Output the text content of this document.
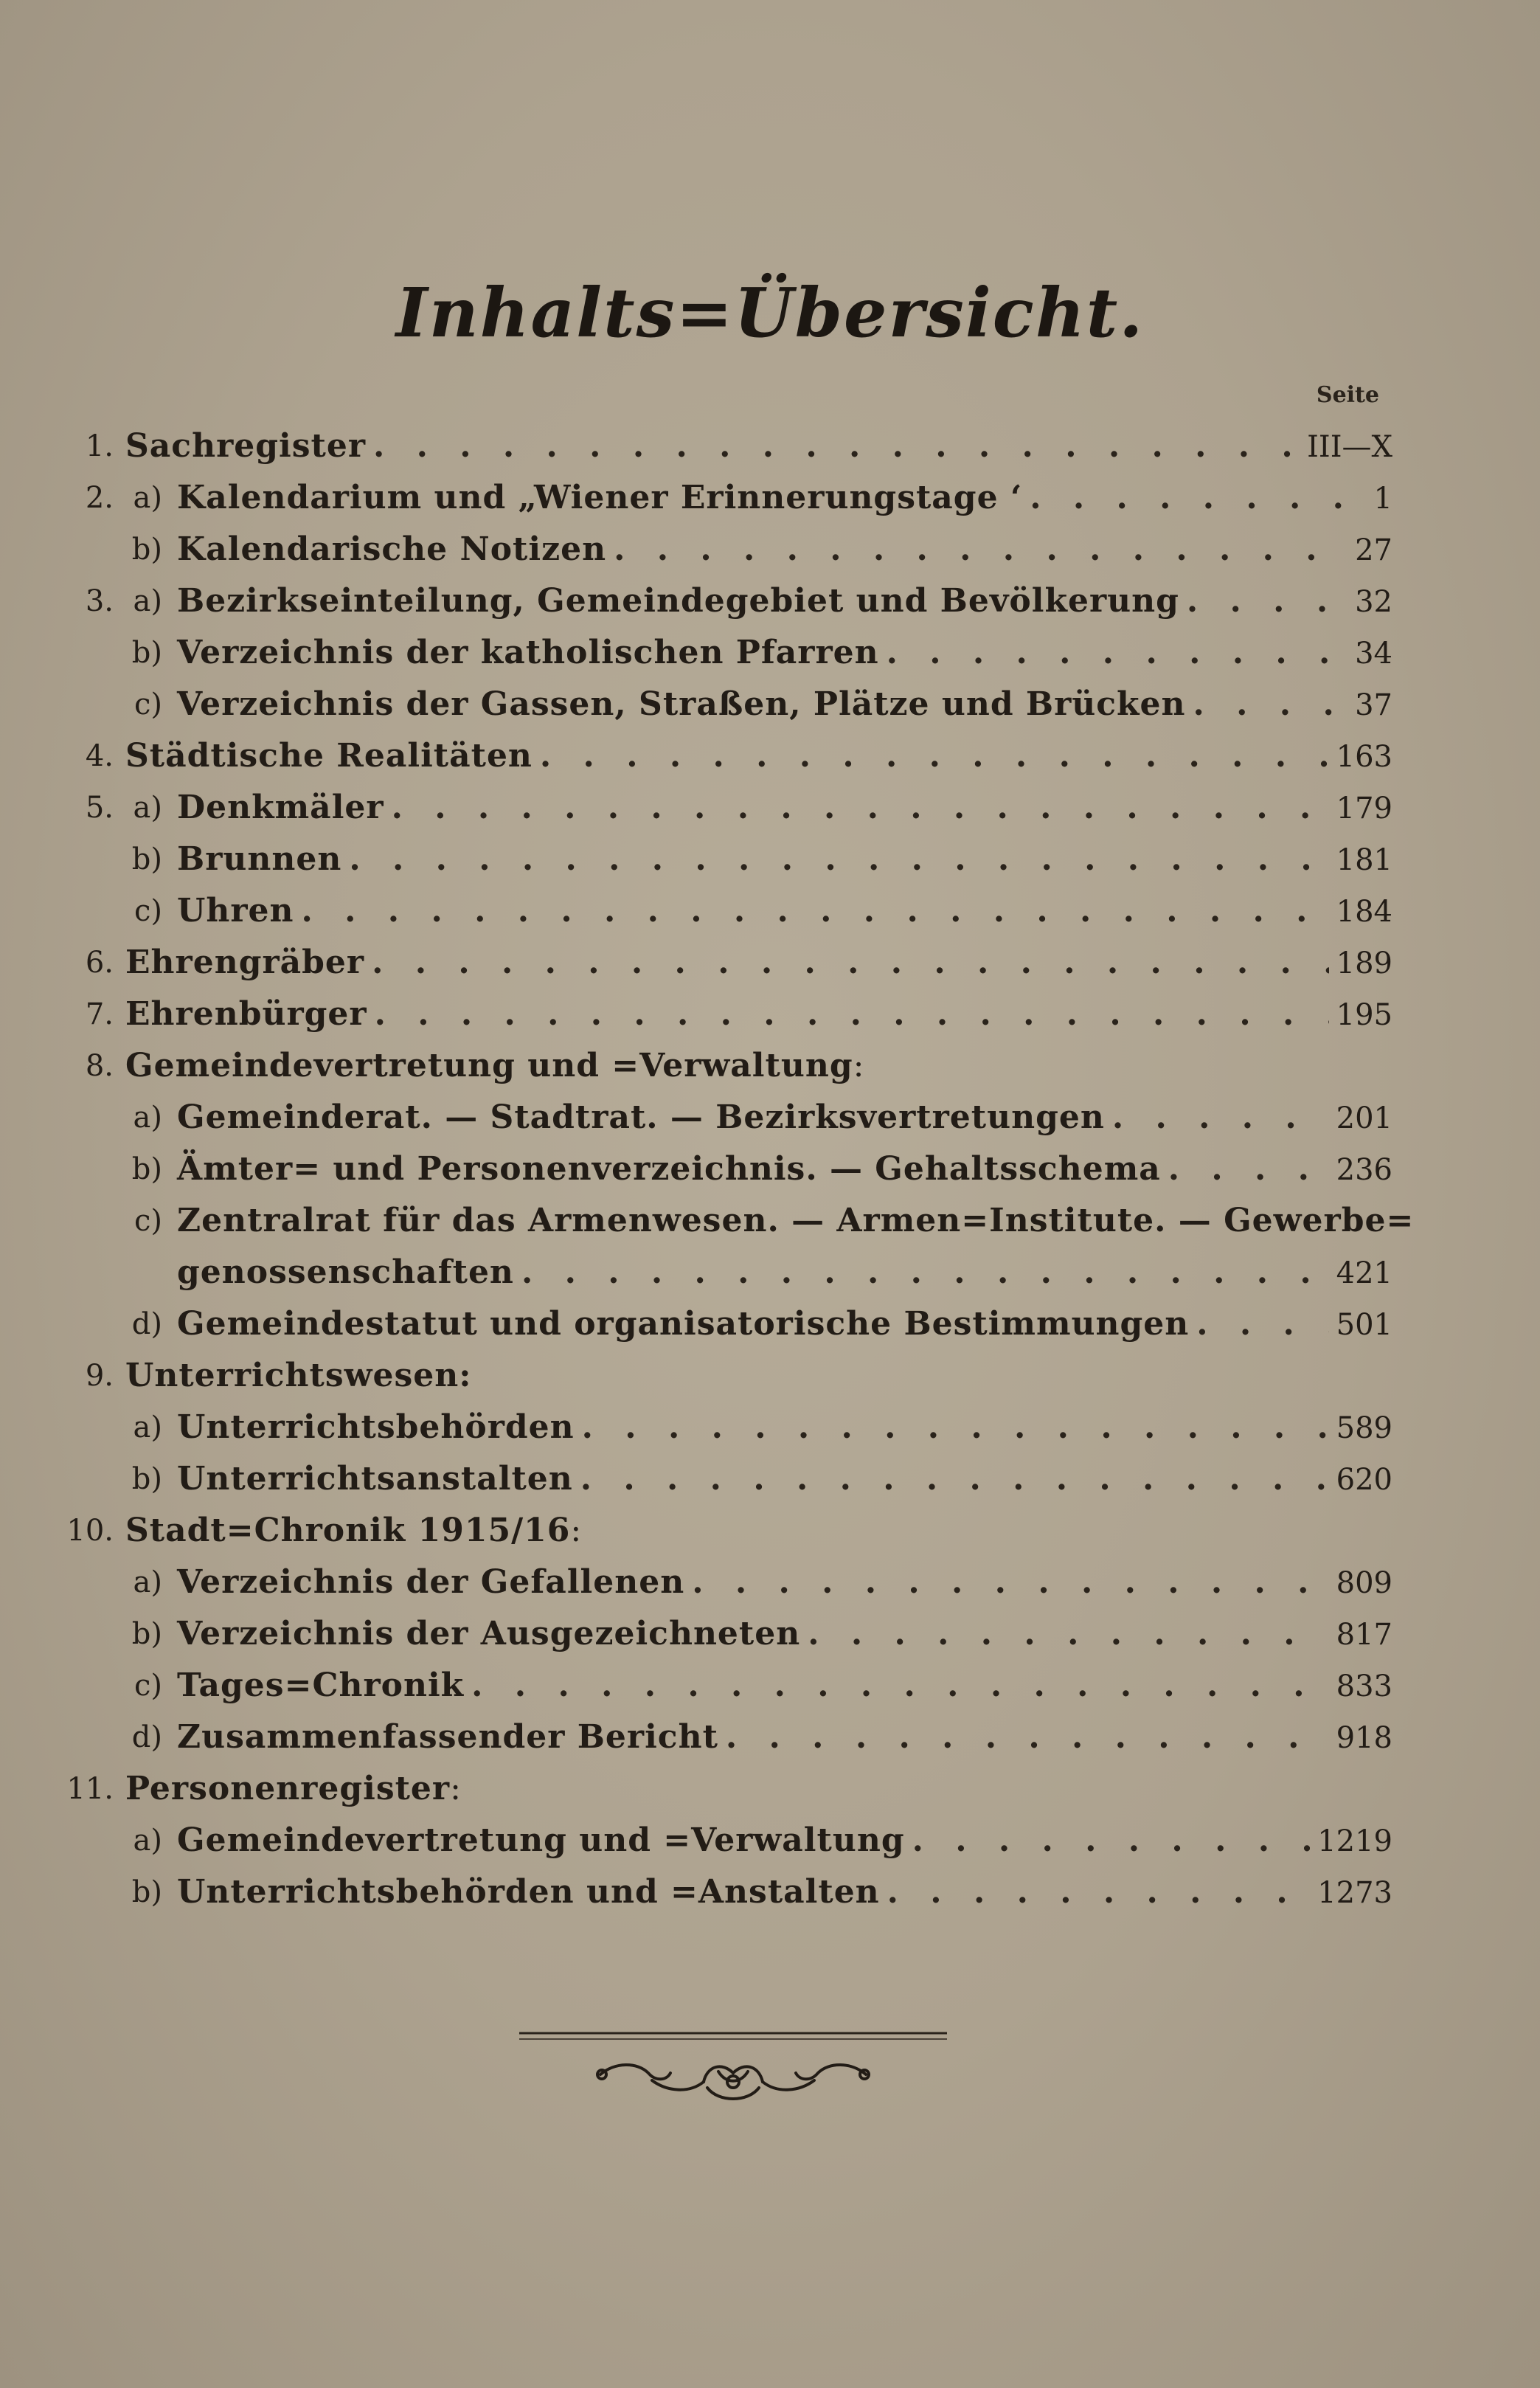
Inhalts=Übersicht.
Seite
1. Sachregister . . .	III—X
2. a) Kalendarium und „Wiener Erinnerungstage ‘ . . .	1
b) Kalendarische Notizen . . .	27
3. a) Bezirkseinteilung, Gemeindegebiet und Bevölkerung . . .	32
b) Verzeichnis der katholischen Pfarren . . .	34
c) Verzeichnis der Gassen, Straßen, Plätze und Brücken . . .	37
4. Städtische Realitäten . . .	163
5. a) Denkmäler . . .	179
b) Brunnen . . .	181
c) Uhren . . .	184
6. Ehrengräber . . .	189
7. Ehrenbürger . . .	195
8. Gemeindevertretung und =Verwaltung :
a) Gemeinderat. — Stadtrat. — Bezirksvertretungen . . .	201
b) Ämter= und Personenverzeichnis. — Gehaltsschema . . .	236
c) Zentralrat für das Armenwesen. — Armen=Institute. — Gewerbe=
genossenschaften . . .	421
d) Gemeindestatut und organisatorische Bestimmungen . . .	501
9. Unterrichtswesen:
a) Unterrichtsbehörden . . .	589
b) Unterrichtsanstalten . . .	620
10. Stadt=Chronik 1915/16 :
a) Verzeichnis der Gefallenen . . .	809
b) Verzeichnis der Ausgezeichneten . . .	817
c) Tages=Chronik . . .	833
d) Zusammenfassender Bericht . . .	918
11. Personenregister :
a) Gemeindevertretung und =Verwaltung . . .	1219
b) Unterrichtsbehörden und =Anstalten . . .	1273
